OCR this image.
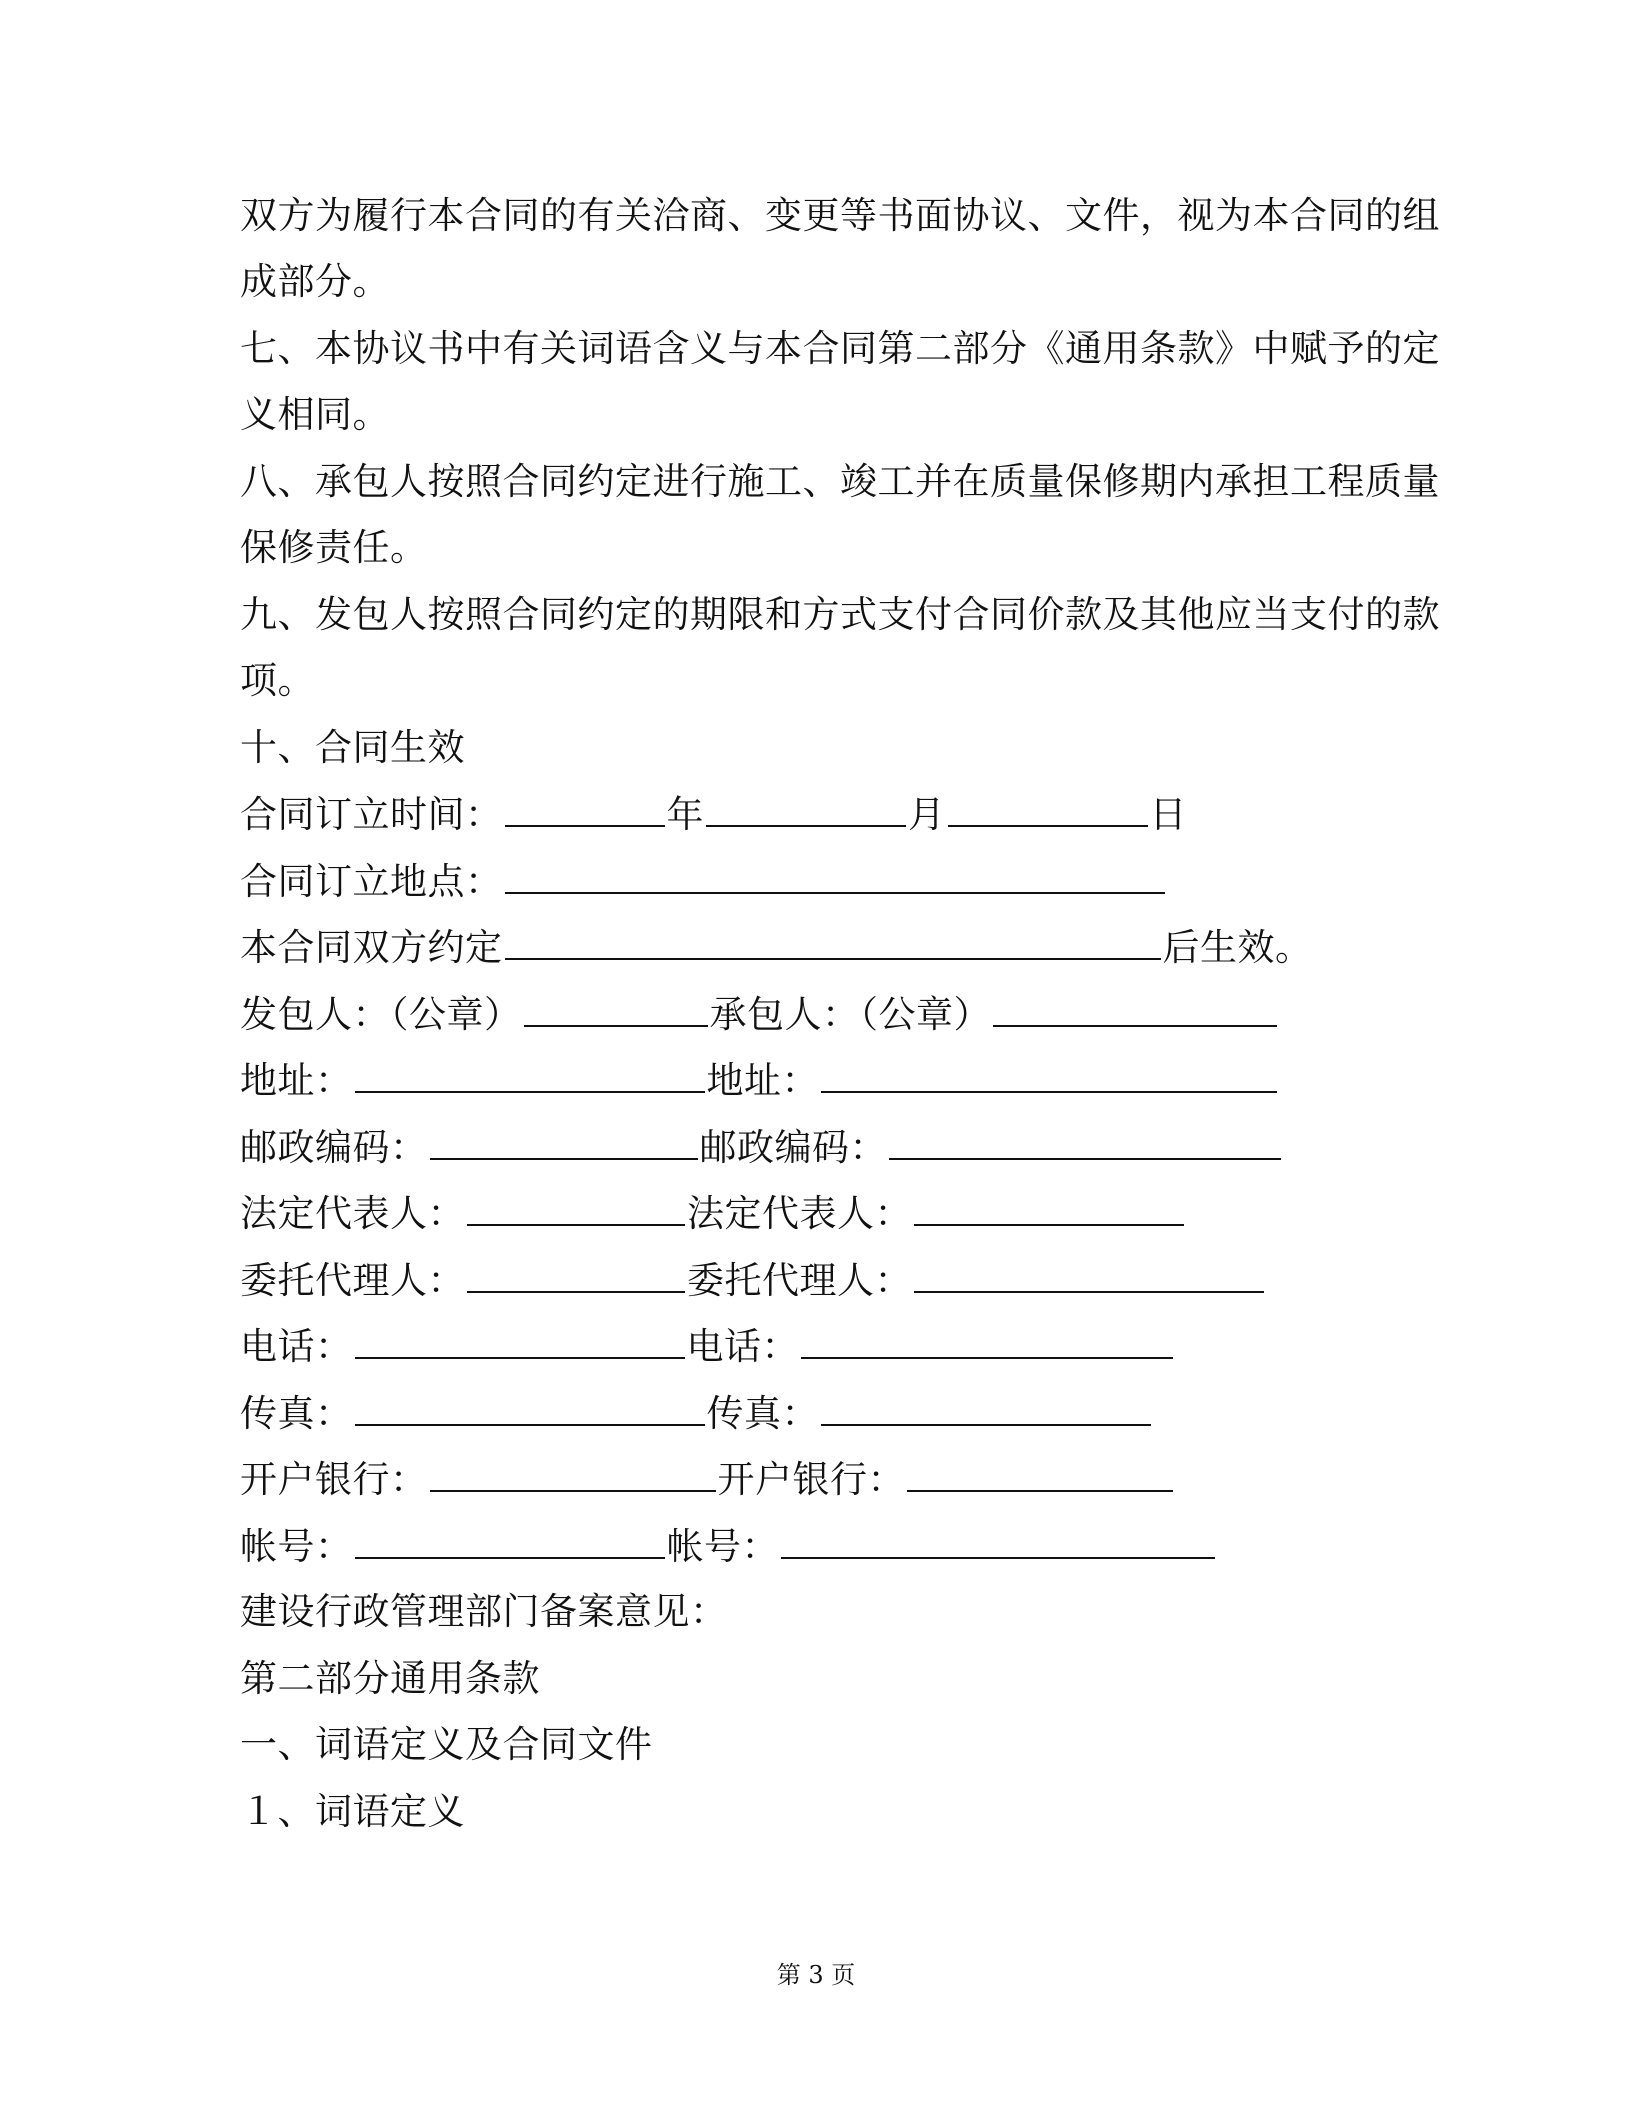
双方为履行本合同的有关洽商、变更等书面协议、文件，视为本合同的组
成部分。
七、本协议书中有关词语含义与本合同第二部分《通用条款》中赋予的定
义相同。
八、承包人按照合同约定进行施工、竣工并在质量保修期内承担工程质量
保修责任。
九、发包人按照合同约定的期限和方式支付合同价款及其他应当支付的款
项。
十、合同生效
合同订立时间：	年	月	日
合同订立地点：
本合同双方约定	后生效。
发包人：（公章）	承包人：（公章）
地址：	地址：
邮政编码：	邮政编码：
法定代表人：	法定代表人：
委托代理人：	委托代理人：
电话：	电话：
传真：	传真：
开户银行：	开户银行：
帐号：	帐号：
建设行政管理部门备案意见：
第二部分通用条款
一、词语定义及合同文件
１、词语定义
第 3 页
